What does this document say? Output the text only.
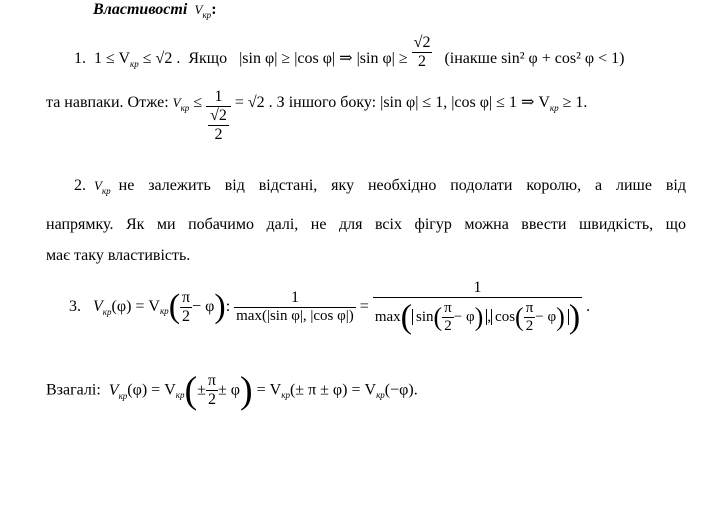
Властивості $V_{кр}$:
1. $1 \le V_{кр} \le √2$ . Якщо |sin φ| ≥ |cos φ| ⇒ |sin $\varphi| \ge \frac{√2}{2}$ (інакше sin² φ + cos² φ < 1)
та навпаки. Отже: $V_{кр} \le 1$
√2
2 = √2 . З іншого боку: |sin φ| ≤ 1, |cos φ| ≤ 1 ⇒ $V_{кр} \ge 1$.
2. $V_{кр}$ не залежить від відстані, яку необхідно подолати королю, а лише від
напрямку. Як ми побачимо далі, не для всіх фігур можна ввести швидкість, що
має таку властивість.
3. $V_{кр}(\varphi) = V_{кр}( \frac{\pi}{2} - \varphi)$: $\frac{1}{\text{max(|sin φ|, |cos φ|)}} = \frac{1}{\max( \sin( \frac{\pi}{2} - \varphi) , \cos( \frac{\pi}{2} - \varphi) )}$ .
Взагалі: $V_{кр}(\varphi) = V_{кр}(\pm \frac{\pi}{2} \pm \varphi) = V_{кр}(\pm \pi \pm \varphi) = V_{кр}(-\varphi)$.
